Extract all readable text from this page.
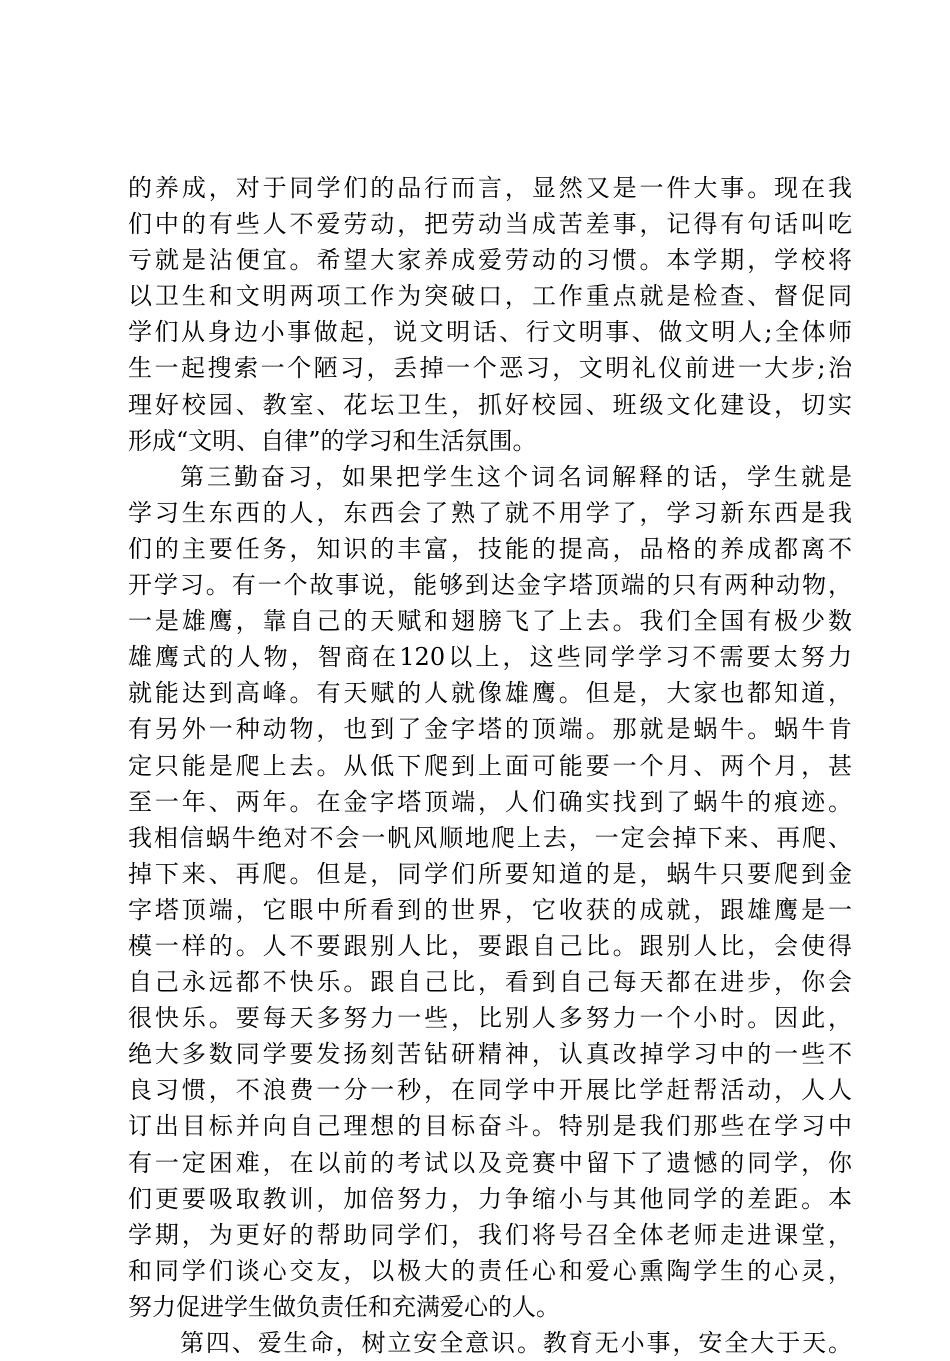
的养成，对于同学们的品行而言，显然又是一件大事。现在我
们中的有些人不爱劳动，把劳动当成苦差事，记得有句话叫吃
亏就是沾便宜。希望大家养成爱劳动的习惯。本学期，学校将
以卫生和文明两项工作为突破口，工作重点就是检查、督促同
学们从身边小事做起，说文明话、行文明事、做文明人;全体师
生一起搜索一个陋习，丢掉一个恶习，文明礼仪前进一大步;治
理好校园、教室、花坛卫生，抓好校园、班级文化建设，切实
形成“文明、自律”的学习和生活氛围。
第三勤奋习，如果把学生这个词名词解释的话，学生就是
学习生东西的人，东西会了熟了就不用学了，学习新东西是我
们的主要任务，知识的丰富，技能的提高，品格的养成都离不
开学习。有一个故事说，能够到达金字塔顶端的只有两种动物，
一是雄鹰，靠自己的天赋和翅膀飞了上去。我们全国有极少数
雄鹰式的人物，智商在120以上，这些同学学习不需要太努力
就能达到高峰。有天赋的人就像雄鹰。但是，大家也都知道，
有另外一种动物，也到了金字塔的顶端。那就是蜗牛。蜗牛肯
定只能是爬上去。从低下爬到上面可能要一个月、两个月，甚
至一年、两年。在金字塔顶端，人们确实找到了蜗牛的痕迹。
我相信蜗牛绝对不会一帆风顺地爬上去，一定会掉下来、再爬、
掉下来、再爬。但是，同学们所要知道的是，蜗牛只要爬到金
字塔顶端，它眼中所看到的世界，它收获的成就，跟雄鹰是一
模一样的。人不要跟别人比，要跟自己比。跟别人比，会使得
自己永远都不快乐。跟自己比，看到自己每天都在进步，你会
很快乐。要每天多努力一些，比别人多努力一个小时。因此，
绝大多数同学要发扬刻苦钻研精神，认真改掉学习中的一些不
良习惯，不浪费一分一秒，在同学中开展比学赶帮活动，人人
订出目标并向自己理想的目标奋斗。特别是我们那些在学习中
有一定困难，在以前的考试以及竞赛中留下了遗憾的同学，你
们更要吸取教训，加倍努力，力争缩小与其他同学的差距。本
学期，为更好的帮助同学们，我们将号召全体老师走进课堂，
和同学们谈心交友，以极大的责任心和爱心熏陶学生的心灵，
努力促进学生做负责任和充满爱心的人。
第四、爱生命，树立安全意识。教育无小事，安全大于天。
